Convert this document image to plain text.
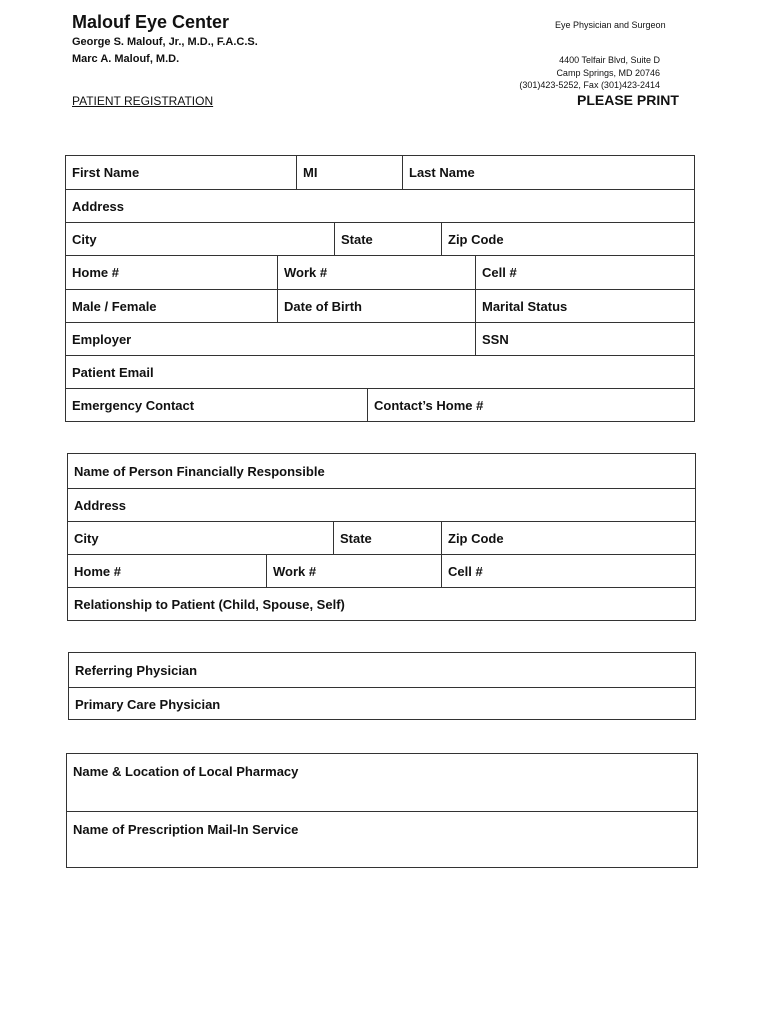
Malouf Eye Center
George S. Malouf, Jr., M.D., F.A.C.S.
Marc A. Malouf, M.D.
Eye Physician and Surgeon
4400 Telfair Blvd, Suite D
Camp Springs, MD 20746
(301)423-5252, Fax (301)423-2414
PATIENT REGISTRATION	PLEASE PRINT
First Name	MI	Last Name
Address
City	State	Zip Code
Home #	Work #	Cell #
Male / Female	Date of Birth	Marital Status
Employer	SSN
Patient Email
Emergency Contact	Contact’s Home #
Name of Person Financially Responsible
Address
City	State	Zip Code
Home #	Work #	Cell #
Relationship to Patient (Child, Spouse, Self)
Referring Physician
Primary Care Physician
Name & Location of Local Pharmacy
Name of Prescription Mail-In Service
